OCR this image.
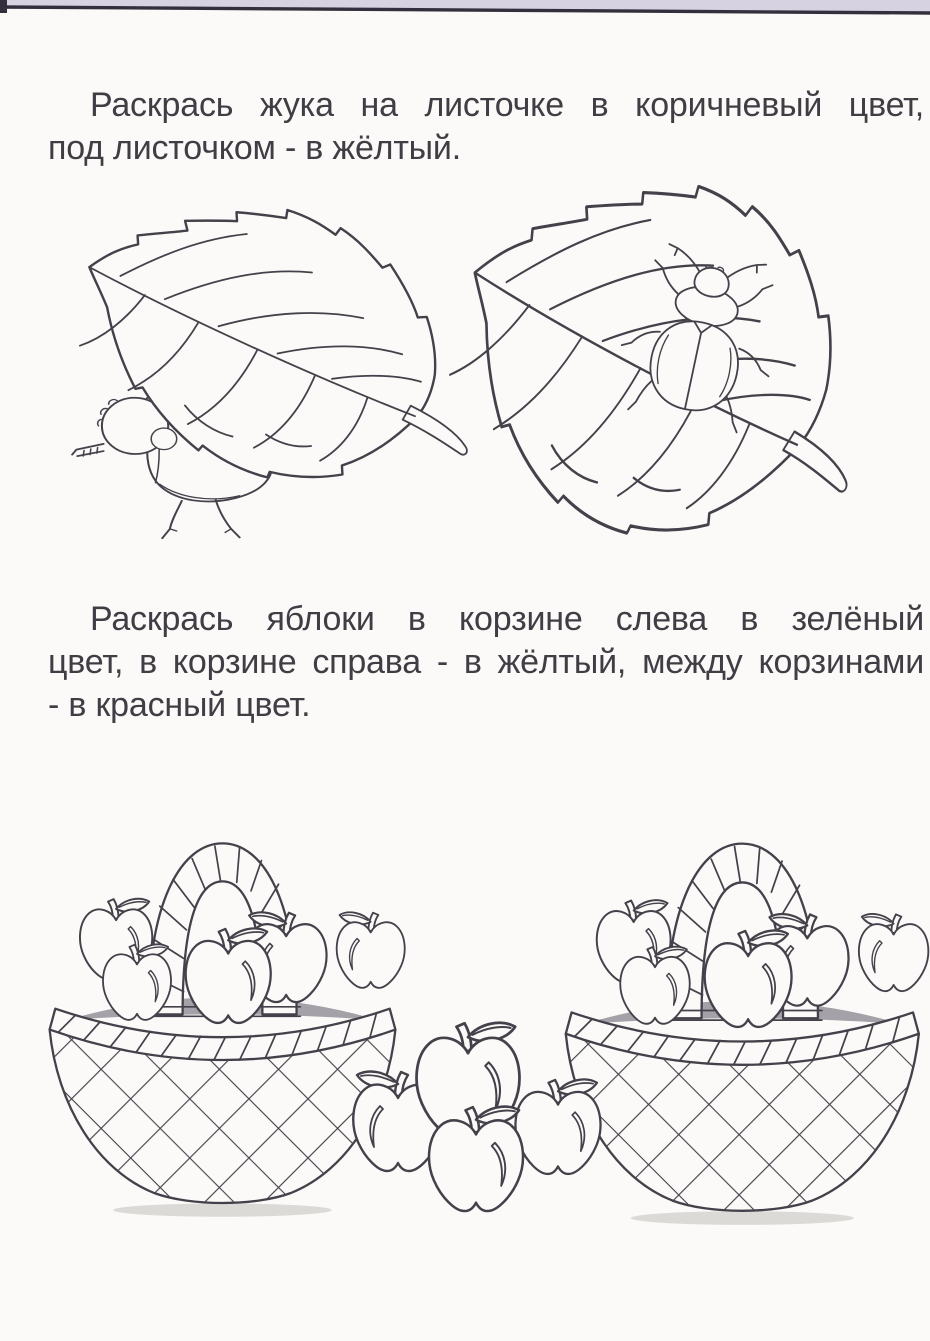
Раскрась жука на листочке в коричневый цвет,
под листочком - в жёлтый.
Раскрась яблоки в корзине слева в зелёный
цвет, в корзине справа - в жёлтый, между корзинами
- в красный цвет.
